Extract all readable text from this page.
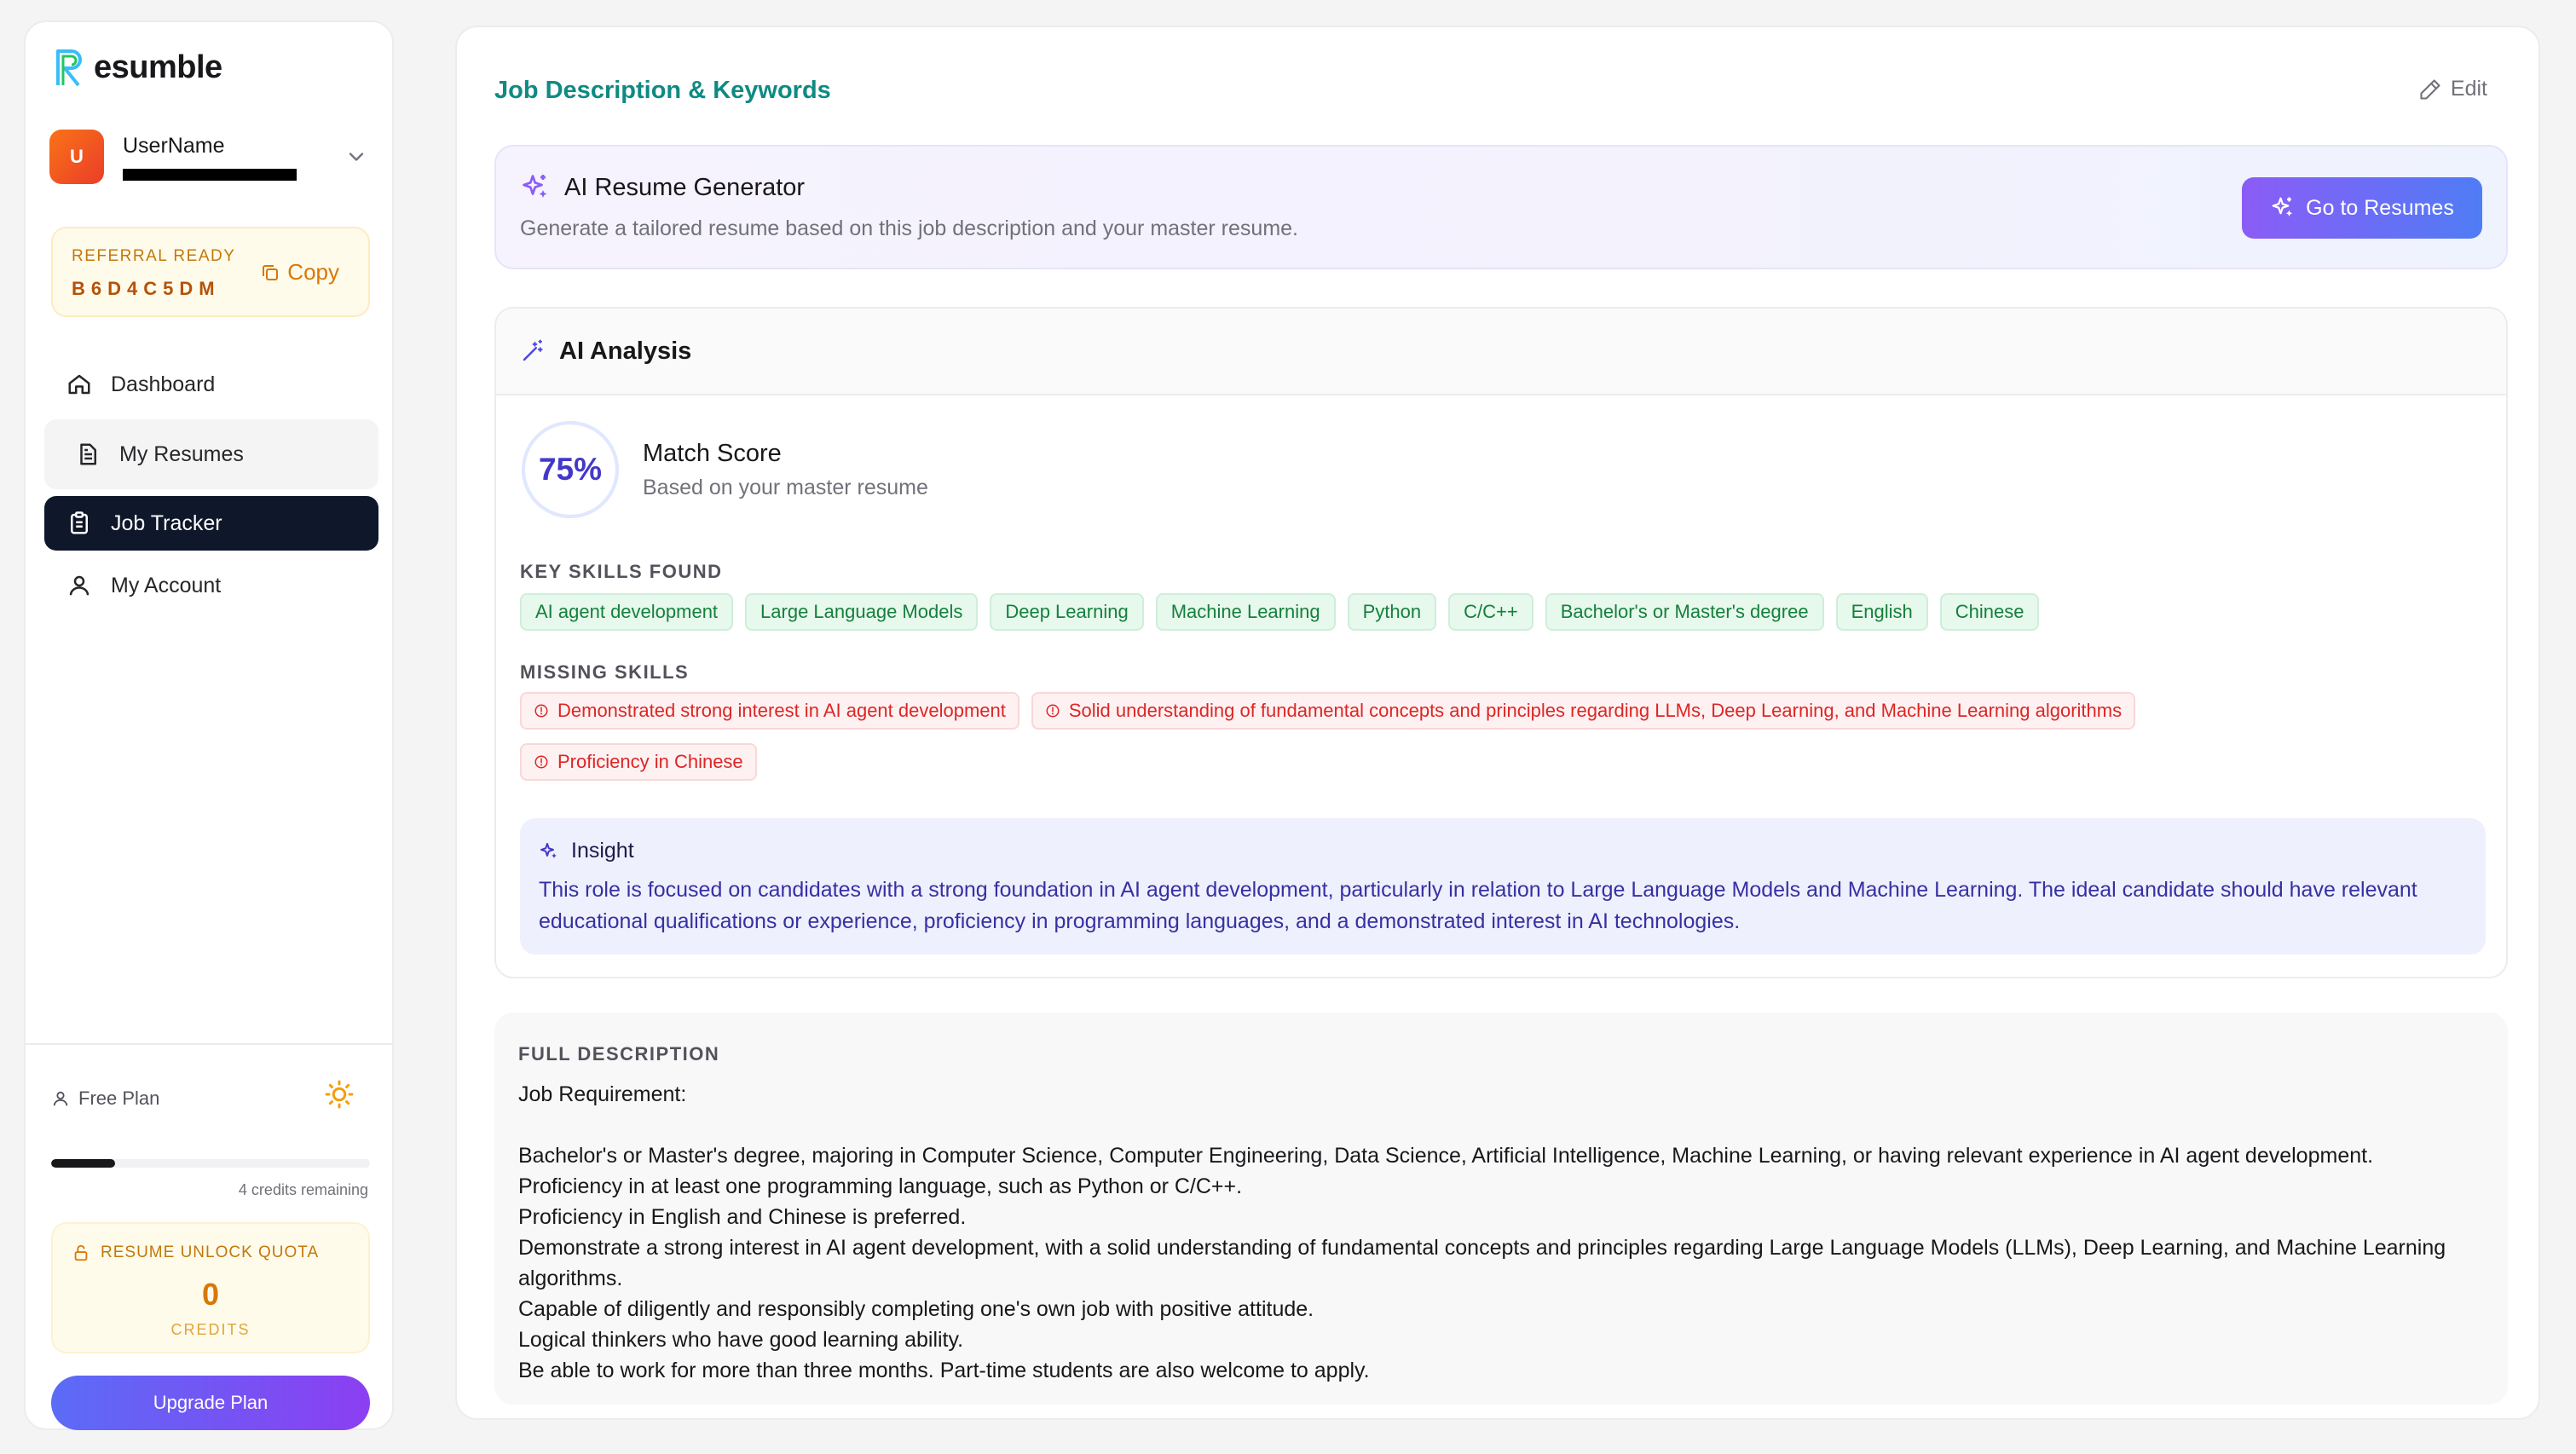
esumble
U	UserName
REFERRAL READY
B6D4C5DM
Copy
Dashboard
My Resumes
Job Tracker
My Account
Free Plan
4 credits remaining
RESUME UNLOCK QUOTA
0
CREDITS
Upgrade Plan
Job Description & Keywords	Edit
AI Resume Generator
Generate a tailored resume based on this job description and your master resume.
Go to Resumes
AI Analysis
75%	Match Score
Based on your master resume
KEY SKILLS FOUND
AI agent development	Large Language Models	Deep Learning	Machine Learning	Python	C/C++	Bachelor's or Master's degree	English	Chinese
MISSING SKILLS
Demonstrated strong interest in AI agent development	Solid understanding of fundamental concepts and principles regarding LLMs, Deep Learning, and Machine Learning algorithms
Proficiency in Chinese
Insight
This role is focused on candidates with a strong foundation in AI agent development, particularly in relation to Large Language Models and Machine Learning. The ideal candidate should have relevant educational qualifications or experience, proficiency in programming languages, and a demonstrated interest in AI technologies.
FULL DESCRIPTION
Job Requirement:

Bachelor's or Master's degree, majoring in Computer Science, Computer Engineering, Data Science, Artificial Intelligence, Machine Learning, or having relevant experience in AI agent development.
Proficiency in at least one programming language, such as Python or C/C++.
Proficiency in English and Chinese is preferred.
Demonstrate a strong interest in AI agent development, with a solid understanding of fundamental concepts and principles regarding Large Language Models (LLMs), Deep Learning, and Machine Learning algorithms.
Capable of diligently and responsibly completing one's own job with positive attitude.
Logical thinkers who have good learning ability.
Be able to work for more than three months. Part-time students are also welcome to apply.
